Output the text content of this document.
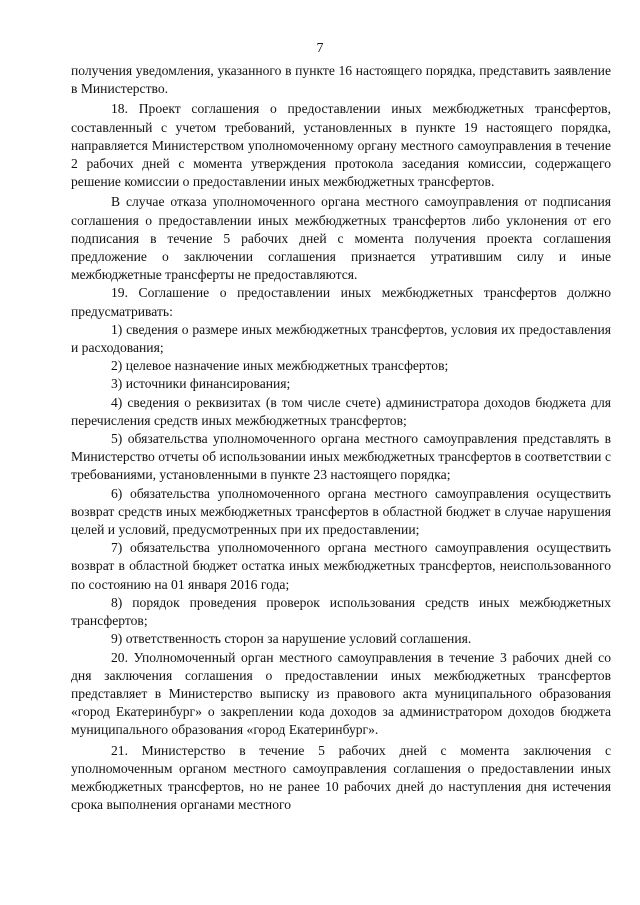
7

получения уведомления, указанного в пункте 16 настоящего порядка, представить заявление в Министерство.

18. Проект соглашения о предоставлении иных межбюджетных трансфертов, составленный с учетом требований, установленных в пункте 19 настоящего порядка, направляется Министерством уполномоченному органу местного самоуправления в течение 2 рабочих дней с момента утверждения протокола заседания комиссии, содержащего решение комиссии о предоставлении иных межбюджетных трансфертов.

В случае отказа уполномоченного органа местного самоуправления от подписания соглашения о предоставлении иных межбюджетных трансфертов либо уклонения от его подписания в течение 5 рабочих дней с момента получения проекта соглашения предложение о заключении соглашения признается утратившим силу и иные межбюджетные трансферты не предоставляются.

19. Соглашение о предоставлении иных межбюджетных трансфертов должно предусматривать:

1) сведения о размере иных межбюджетных трансфертов, условия их предоставления и расходования;

2) целевое назначение иных межбюджетных трансфертов;

3) источники финансирования;

4) сведения о реквизитах (в том числе счете) администратора доходов бюджета для перечисления средств иных межбюджетных трансфертов;

5) обязательства уполномоченного органа местного самоуправления представлять в Министерство отчеты об использовании иных межбюджетных трансфертов в соответствии с требованиями, установленными в пункте 23 настоящего порядка;

6) обязательства уполномоченного органа местного самоуправления осуществить возврат средств иных межбюджетных трансфертов в областной бюджет в случае нарушения целей и условий, предусмотренных при их предоставлении;

7) обязательства уполномоченного органа местного самоуправления осуществить возврат в областной бюджет остатка иных межбюджетных трансфертов, неиспользованного по состоянию на 01 января 2016 года;

8) порядок проведения проверок использования средств иных межбюджетных трансфертов;

9) ответственность сторон за нарушение условий соглашения.

20. Уполномоченный орган местного самоуправления в течение 3 рабочих дней со дня заключения соглашения о предоставлении иных межбюджетных трансфертов представляет в Министерство выписку из правового акта муниципального образования «город Екатеринбург» о закреплении кода доходов за администратором доходов бюджета муниципального образования «город Екатеринбург».

21. Министерство в течение 5 рабочих дней с момента заключения с уполномоченным органом местного самоуправления соглашения о предоставлении иных межбюджетных трансфертов, но не ранее 10 рабочих дней до наступления дня истечения срока выполнения органами местного
